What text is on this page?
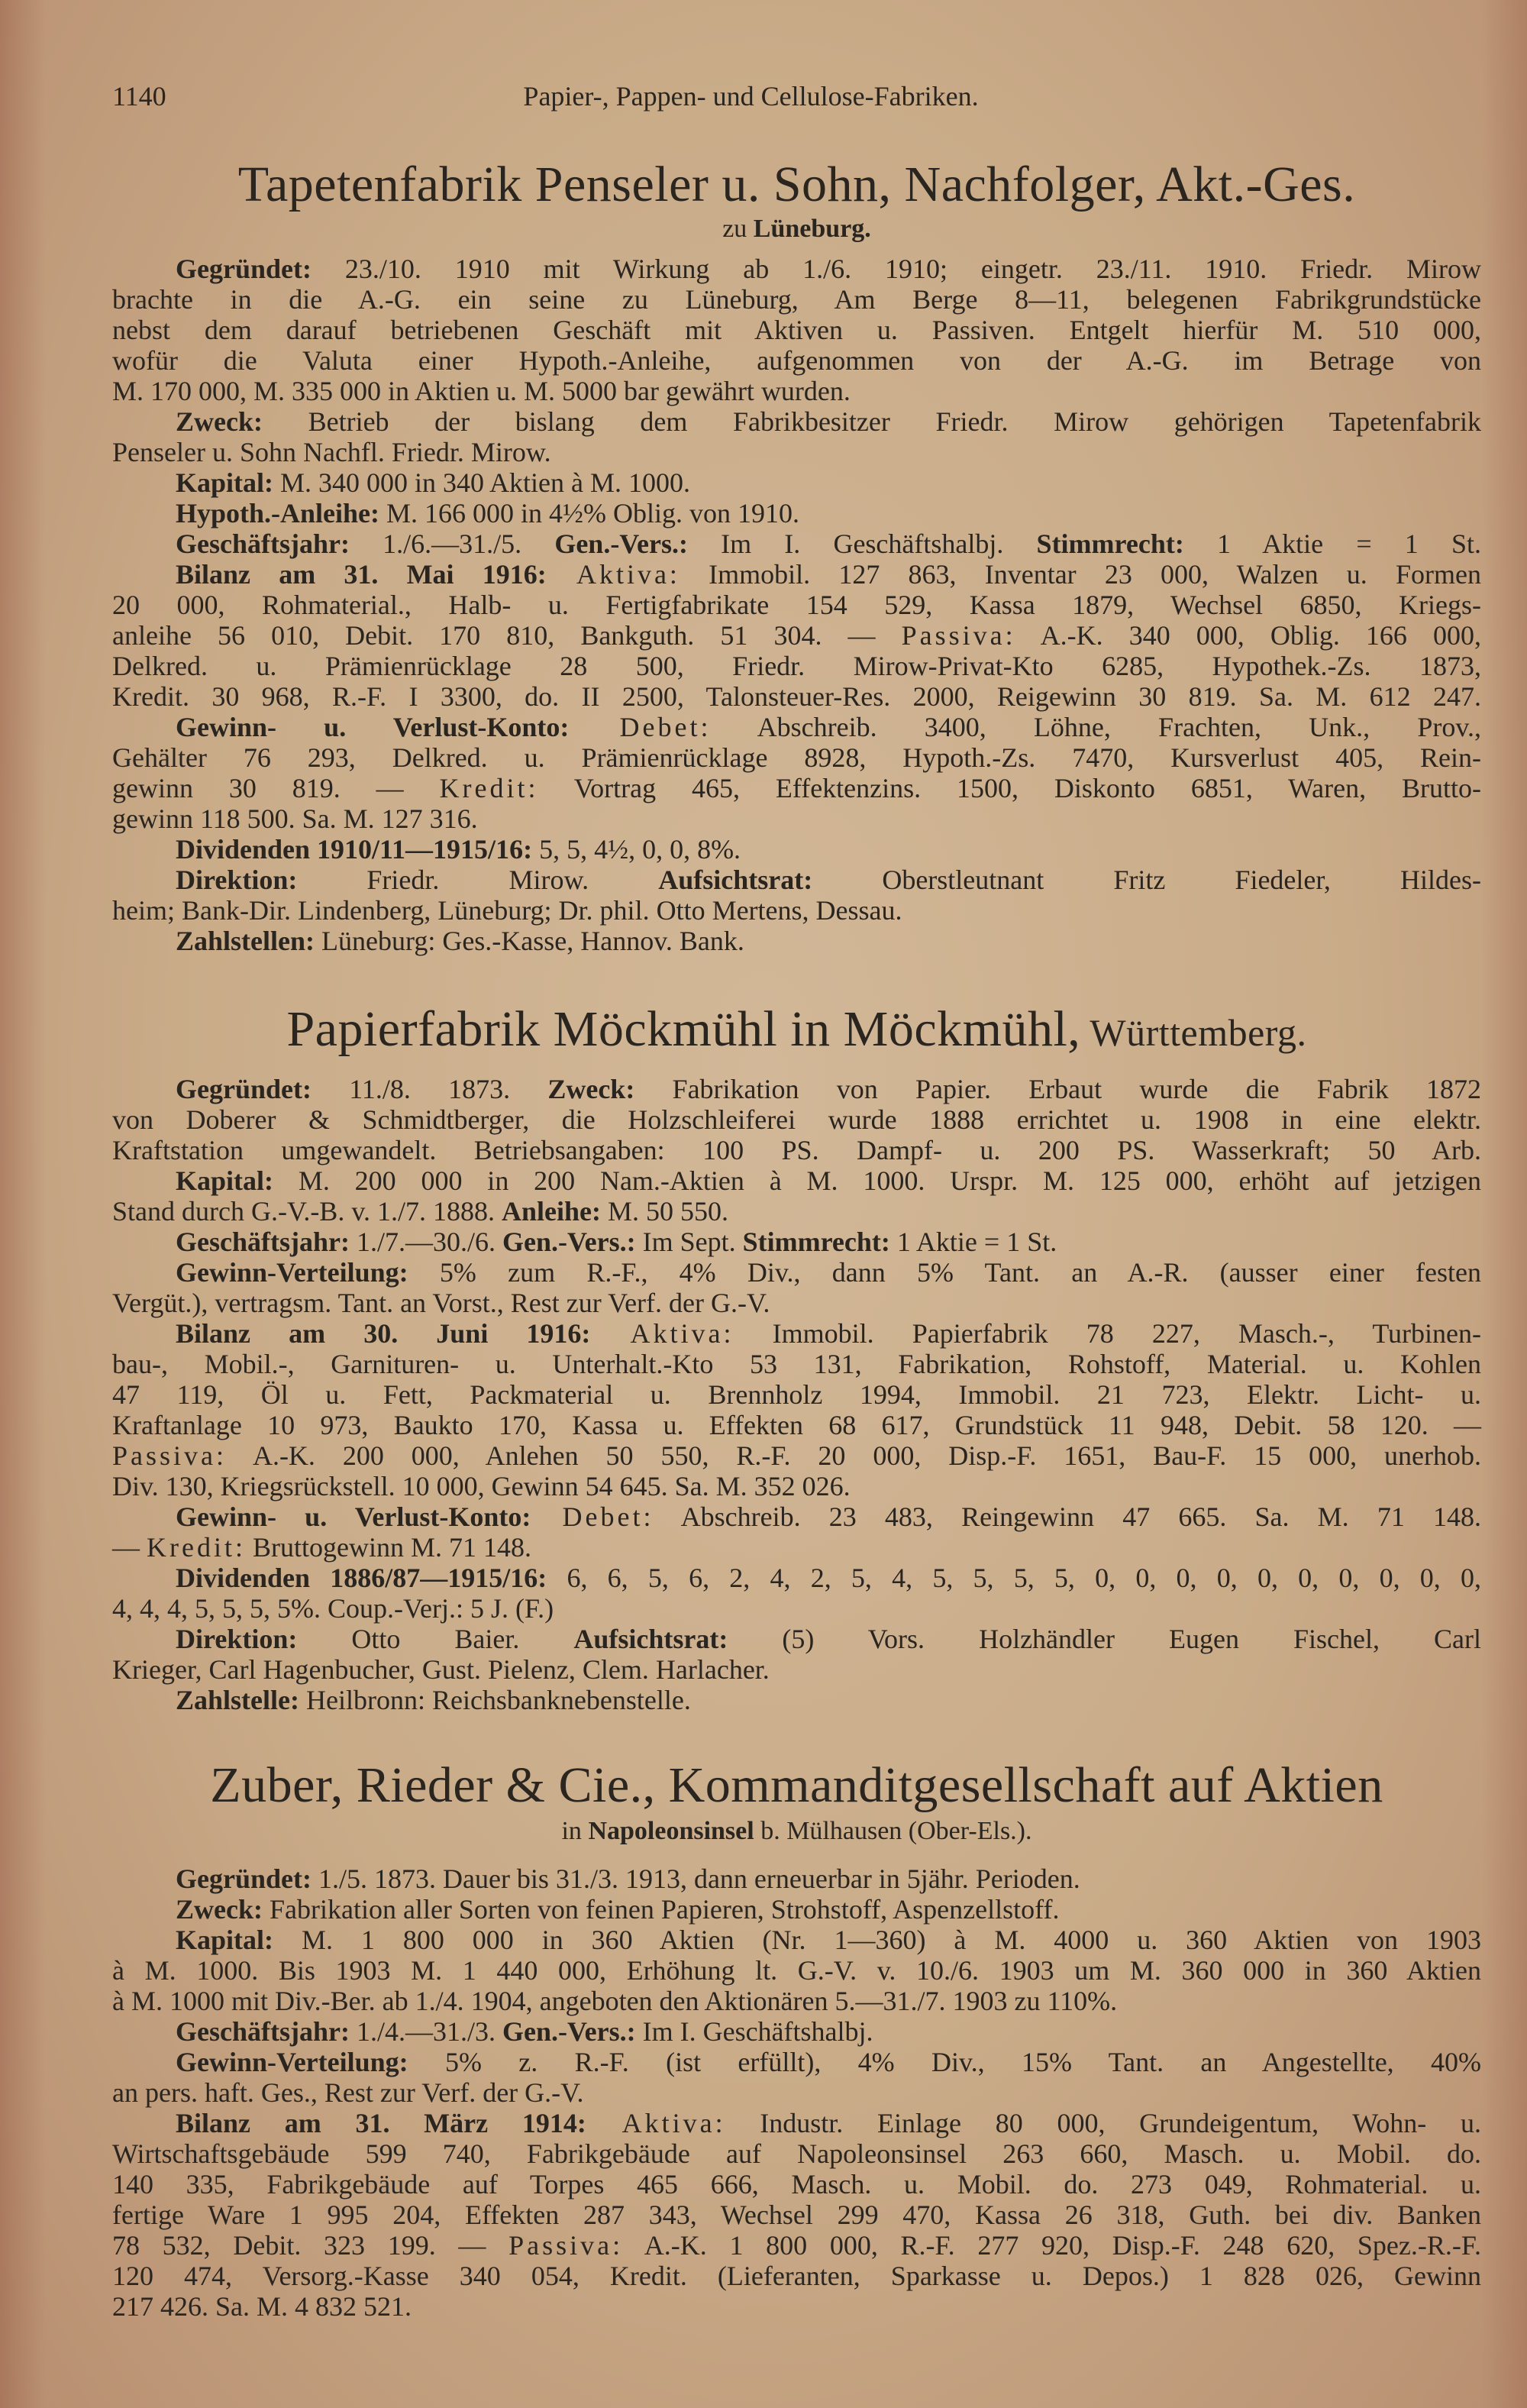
1140	Papier-, Pappen- und Cellulose-Fabriken.
Tapetenfabrik Penseler u. Sohn, Nachfolger, Akt.-Ges.
zu Lüneburg.
Gegründet: 23./10. 1910 mit Wirkung ab 1./6. 1910; eingetr. 23./11. 1910. Friedr. Mirow
brachte in die A.-G. ein seine zu Lüneburg, Am Berge 8—11, belegenen Fabrikgrundstücke
nebst dem darauf betriebenen Geschäft mit Aktiven u. Passiven. Entgelt hierfür M. 510 000,
wofür die Valuta einer Hypoth.-Anleihe, aufgenommen von der A.-G. im Betrage von
M. 170 000, M. 335 000 in Aktien u. M. 5000 bar gewährt wurden.
Zweck: Betrieb der bislang dem Fabrikbesitzer Friedr. Mirow gehörigen Tapetenfabrik
Penseler u. Sohn Nachfl. Friedr. Mirow.
Kapital: M. 340 000 in 340 Aktien à M. 1000.
Hypoth.-Anleihe: M. 166 000 in 4½% Oblig. von 1910.
Geschäftsjahr: 1./6.—31./5. Gen.-Vers.: Im I. Geschäftshalbj. Stimmrecht: 1 Aktie = 1 St.
Bilanz am 31. Mai 1916: Aktiva: Immobil. 127 863, Inventar 23 000, Walzen u. Formen
20 000, Rohmaterial., Halb- u. Fertigfabrikate 154 529, Kassa 1879, Wechsel 6850, Kriegs-
anleihe 56 010, Debit. 170 810, Bankguth. 51 304. — Passiva: A.-K. 340 000, Oblig. 166 000,
Delkred. u. Prämienrücklage 28 500, Friedr. Mirow-Privat-Kto 6285, Hypothek.-Zs. 1873,
Kredit. 30 968, R.-F. I 3300, do. II 2500, Talonsteuer-Res. 2000, Reigewinn 30 819. Sa. M. 612 247.
Gewinn- u. Verlust-Konto: Debet: Abschreib. 3400, Löhne, Frachten, Unk., Prov.,
Gehälter 76 293, Delkred. u. Prämienrücklage 8928, Hypoth.-Zs. 7470, Kursverlust 405, Rein-
gewinn 30 819. — Kredit: Vortrag 465, Effektenzins. 1500, Diskonto 6851, Waren, Brutto-
gewinn 118 500. Sa. M. 127 316.
Dividenden 1910/11—1915/16: 5, 5, 4½, 0, 0, 8%.
Direktion: Friedr. Mirow. Aufsichtsrat: Oberstleutnant Fritz Fiedeler, Hildes-
heim; Bank-Dir. Lindenberg, Lüneburg; Dr. phil. Otto Mertens, Dessau.
Zahlstellen: Lüneburg: Ges.-Kasse, Hannov. Bank.
Papierfabrik Möckmühl in Möckmühl, Württemberg.
Gegründet: 11./8. 1873. Zweck: Fabrikation von Papier. Erbaut wurde die Fabrik 1872
von Doberer & Schmidtberger, die Holzschleiferei wurde 1888 errichtet u. 1908 in eine elektr.
Kraftstation umgewandelt. Betriebsangaben: 100 PS. Dampf- u. 200 PS. Wasserkraft; 50 Arb.
Kapital: M. 200 000 in 200 Nam.-Aktien à M. 1000. Urspr. M. 125 000, erhöht auf jetzigen
Stand durch G.-V.-B. v. 1./7. 1888. Anleihe: M. 50 550.
Geschäftsjahr: 1./7.—30./6. Gen.-Vers.: Im Sept. Stimmrecht: 1 Aktie = 1 St.
Gewinn-Verteilung: 5% zum R.-F., 4% Div., dann 5% Tant. an A.-R. (ausser einer festen
Vergüt.), vertragsm. Tant. an Vorst., Rest zur Verf. der G.-V.
Bilanz am 30. Juni 1916: Aktiva: Immobil. Papierfabrik 78 227, Masch.-, Turbinen-
bau-, Mobil.-, Garnituren- u. Unterhalt.-Kto 53 131, Fabrikation, Rohstoff, Material. u. Kohlen
47 119, Öl u. Fett, Packmaterial u. Brennholz 1994, Immobil. 21 723, Elektr. Licht- u.
Kraftanlage 10 973, Baukto 170, Kassa u. Effekten 68 617, Grundstück 11 948, Debit. 58 120. —
Passiva: A.-K. 200 000, Anlehen 50 550, R.-F. 20 000, Disp.-F. 1651, Bau-F. 15 000, unerhob.
Div. 130, Kriegsrückstell. 10 000, Gewinn 54 645. Sa. M. 352 026.
Gewinn- u. Verlust-Konto: Debet: Abschreib. 23 483, Reingewinn 47 665. Sa. M. 71 148.
— Kredit: Bruttogewinn M. 71 148.
Dividenden 1886/87—1915/16: 6, 6, 5, 6, 2, 4, 2, 5, 4, 5, 5, 5, 5, 0, 0, 0, 0, 0, 0, 0, 0, 0, 0,
4, 4, 4, 5, 5, 5, 5%. Coup.-Verj.: 5 J. (F.)
Direktion: Otto Baier. Aufsichtsrat: (5) Vors. Holzhändler Eugen Fischel, Carl
Krieger, Carl Hagenbucher, Gust. Pielenz, Clem. Harlacher.
Zahlstelle: Heilbronn: Reichsbanknebenstelle.
Zuber, Rieder & Cie., Kommanditgesellschaft auf Aktien
in Napoleonsinsel b. Mülhausen (Ober-Els.).
Gegründet: 1./5. 1873. Dauer bis 31./3. 1913, dann erneuerbar in 5jähr. Perioden.
Zweck: Fabrikation aller Sorten von feinen Papieren, Strohstoff, Aspenzellstoff.
Kapital: M. 1 800 000 in 360 Aktien (Nr. 1—360) à M. 4000 u. 360 Aktien von 1903
à M. 1000. Bis 1903 M. 1 440 000, Erhöhung lt. G.-V. v. 10./6. 1903 um M. 360 000 in 360 Aktien
à M. 1000 mit Div.-Ber. ab 1./4. 1904, angeboten den Aktionären 5.—31./7. 1903 zu 110%.
Geschäftsjahr: 1./4.—31./3. Gen.-Vers.: Im I. Geschäftshalbj.
Gewinn-Verteilung: 5% z. R.-F. (ist erfüllt), 4% Div., 15% Tant. an Angestellte, 40%
an pers. haft. Ges., Rest zur Verf. der G.-V.
Bilanz am 31. März 1914: Aktiva: Industr. Einlage 80 000, Grundeigentum, Wohn- u.
Wirtschaftsgebäude 599 740, Fabrikgebäude auf Napoleonsinsel 263 660, Masch. u. Mobil. do.
140 335, Fabrikgebäude auf Torpes 465 666, Masch. u. Mobil. do. 273 049, Rohmaterial. u.
fertige Ware 1 995 204, Effekten 287 343, Wechsel 299 470, Kassa 26 318, Guth. bei div. Banken
78 532, Debit. 323 199. — Passiva: A.-K. 1 800 000, R.-F. 277 920, Disp.-F. 248 620, Spez.-R.-F.
120 474, Versorg.-Kasse 340 054, Kredit. (Lieferanten, Sparkasse u. Depos.) 1 828 026, Gewinn
217 426. Sa. M. 4 832 521.
